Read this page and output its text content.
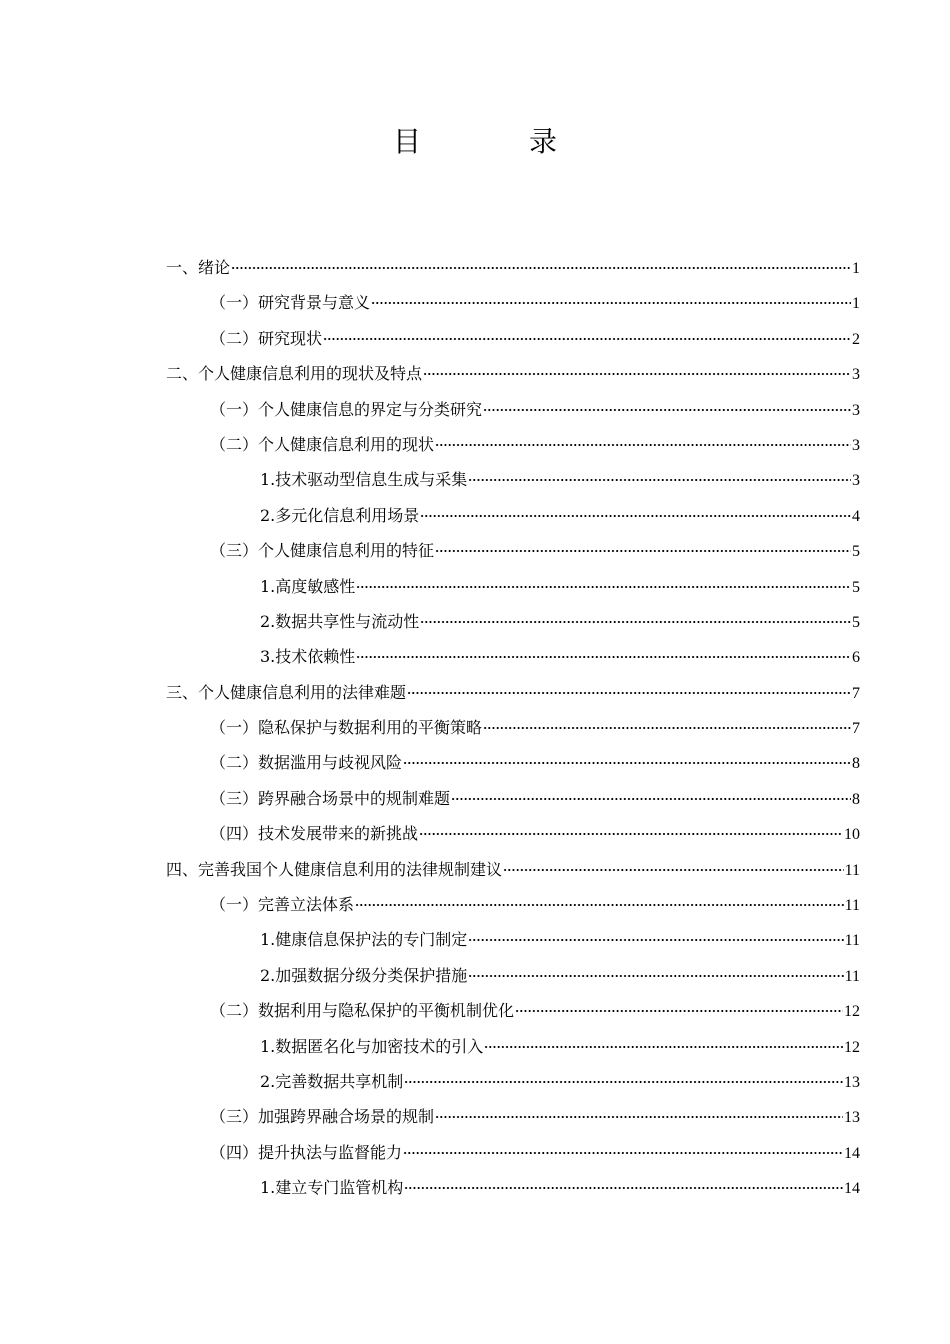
目　录
一、绪论	1
（一）研究背景与意义	1
（二）研究现状	2
二、个人健康信息利用的现状及特点	3
（一）个人健康信息的界定与分类研究	3
（二）个人健康信息利用的现状	3
1.技术驱动型信息生成与采集	3
2.多元化信息利用场景	4
（三）个人健康信息利用的特征	5
1.高度敏感性	5
2.数据共享性与流动性	5
3.技术依赖性	6
三、个人健康信息利用的法律难题	7
（一）隐私保护与数据利用的平衡策略	7
（二）数据滥用与歧视风险	8
（三）跨界融合场景中的规制难题	8
（四）技术发展带来的新挑战	10
四、完善我国个人健康信息利用的法律规制建议	11
（一）完善立法体系	11
1.健康信息保护法的专门制定	11
2.加强数据分级分类保护措施	11
（二）数据利用与隐私保护的平衡机制优化	12
1.数据匿名化与加密技术的引入	12
2.完善数据共享机制	13
（三）加强跨界融合场景的规制	13
（四）提升执法与监督能力	14
1.建立专门监管机构	14
